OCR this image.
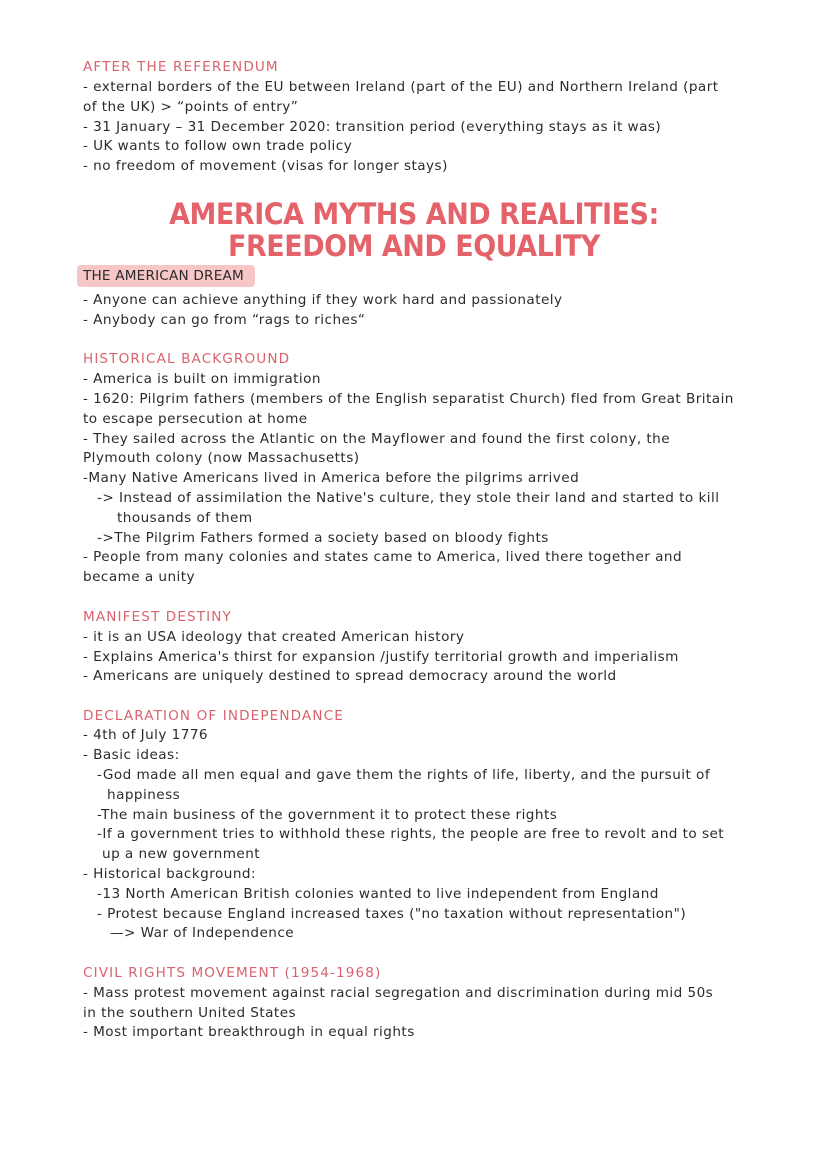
AFTER THE REFERENDUM
- external borders of the EU between Ireland (part of the EU) and Northern Ireland (part
of the UK) > “points of entry”
- 31 January – 31 December 2020: transition period (everything stays as it was)
- UK wants to follow own trade policy
- no freedom of movement (visas for longer stays)
AMERICA MYTHS AND REALITIES:
FREEDOM AND EQUALITY
THE AMERICAN DREAM
- Anyone can achieve anything if they work hard and passionately
- Anybody can go from “rags to riches“
HISTORICAL BACKGROUND
- America is built on immigration
- 1620: Pilgrim fathers (members of the English separatist Church) fled from Great Britain
to escape persecution at home
- They sailed across the Atlantic on the Mayflower and found the first colony, the
Plymouth colony (now Massachusetts)
-Many Native Americans lived in America before the pilgrims arrived
-> Instead of assimilation the Native's culture, they stole their land and started to kill
thousands of them
->The Pilgrim Fathers formed a society based on bloody fights
- People from many colonies and states came to America, lived there together and
became a unity
MANIFEST DESTINY
- it is an USA ideology that created American history
- Explains America's thirst for expansion /justify territorial growth and imperialism
- Americans are uniquely destined to spread democracy around the world
DECLARATION OF INDEPENDANCE
- 4th of July 1776
- Basic ideas:
-God made all men equal and gave them the rights of life, liberty, and the pursuit of
happiness
-The main business of the government it to protect these rights
-If a government tries to withhold these rights, the people are free to revolt and to set
up a new government
- Historical background:
-13 North American British colonies wanted to live independent from England
- Protest because England increased taxes ("no taxation without representation")
—> War of Independence
CIVIL RIGHTS MOVEMENT (1954-1968)
- Mass protest movement against racial segregation and discrimination during mid 50s
in the southern United States
- Most important breakthrough in equal rights
